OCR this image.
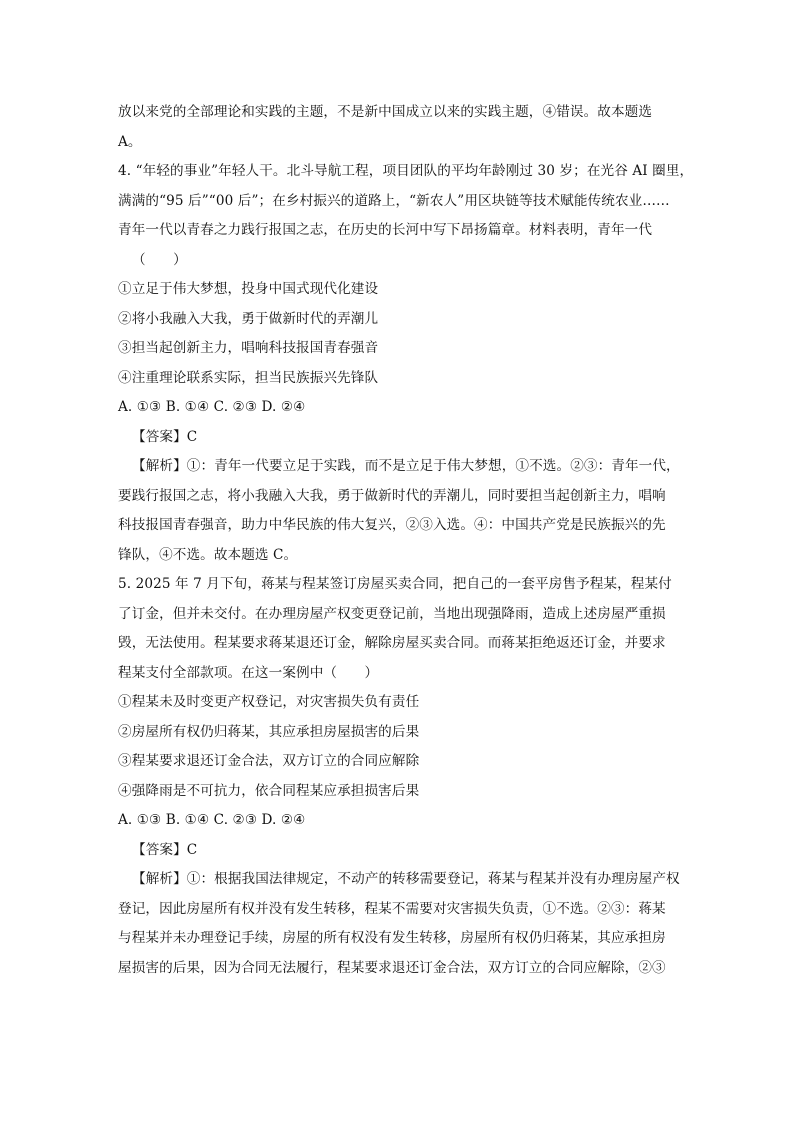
放以来党的全部理论和实践的主题，不是新中国成立以来的实践主题，④错误。故本题选

A。

4. “年轻的事业”年轻人干。北斗导航工程，项目团队的平均年龄刚过 30 岁；在光谷 AI 圈里，

满满的“95 后”“00 后”；在乡村振兴的道路上，“新农人”用区块链等技术赋能传统农业……

青年一代以青春之力践行报国之志，在历史的长河中写下昂扬篇章。材料表明，青年一代

（　　）

①立足于伟大梦想，投身中国式现代化建设

②将小我融入大我，勇于做新时代的弄潮儿

③担当起创新主力，唱响科技报国青春强音

④注重理论联系实际，担当民族振兴先锋队

A. ①③ B. ①④ C. ②③ D. ②④

【答案】C

【解析】①：青年一代要立足于实践，而不是立足于伟大梦想，①不选。②③：青年一代，

要践行报国之志，将小我融入大我，勇于做新时代的弄潮儿，同时要担当起创新主力，唱响

科技报国青春强音，助力中华民族的伟大复兴，②③入选。④：中国共产党是民族振兴的先

锋队，④不选。故本题选 C。

5. 2025 年 7 月下旬，蒋某与程某签订房屋买卖合同，把自己的一套平房售予程某，程某付

了订金，但并未交付。在办理房屋产权变更登记前，当地出现强降雨，造成上述房屋严重损

毁，无法使用。程某要求蒋某退还订金，解除房屋买卖合同。而蒋某拒绝返还订金，并要求

程某支付全部款项。在这一案例中（　　）

①程某未及时变更产权登记，对灾害损失负有责任

②房屋所有权仍归蒋某，其应承担房屋损害的后果

③程某要求退还订金合法，双方订立的合同应解除

④强降雨是不可抗力，依合同程某应承担损害后果

A. ①③ B. ①④ C. ②③ D. ②④

【答案】C

【解析】①：根据我国法律规定，不动产的转移需要登记，蒋某与程某并没有办理房屋产权

登记，因此房屋所有权并没有发生转移，程某不需要对灾害损失负责，①不选。②③：蒋某

与程某并未办理登记手续，房屋的所有权没有发生转移，房屋所有权仍归蒋某，其应承担房

屋损害的后果，因为合同无法履行，程某要求退还订金合法，双方订立的合同应解除，②③
